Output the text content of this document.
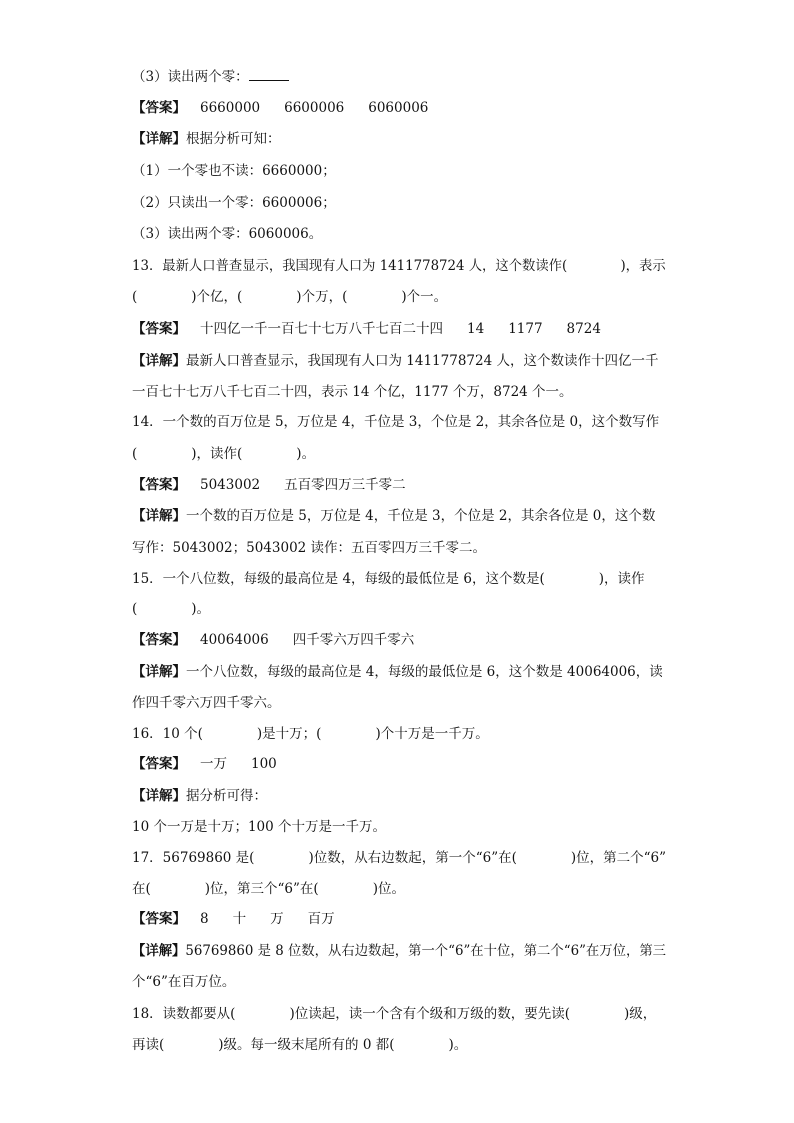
（3）读出两个零：
【答案】 6660000 6600006 6060006
【详解】根据分析可知：
（1）一个零也不读：6660000；
（2）只读出一个零：6600006；
（3）读出两个零：6060006。
13．最新人口普查显示，我国现有人口为 1411778724 人，这个数读作(　　　　)，表示
(　　　　)个亿，(　　　　)个万，(　　　　)个一。
【答案】 十四亿一千一百七十七万八千七百二十四 14 1177 8724
【详解】最新人口普查显示，我国现有人口为 1411778724 人，这个数读作十四亿一千
一百七十七万八千七百二十四，表示 14 个亿，1177 个万，8724 个一。
14．一个数的百万位是 5，万位是 4，千位是 3，个位是 2，其余各位是 0，这个数写作
(　　　　)，读作(　　　　)。
【答案】 5043002 五百零四万三千零二
【详解】一个数的百万位是 5，万位是 4，千位是 3，个位是 2，其余各位是 0，这个数
写作：5043002；5043002 读作：五百零四万三千零二。
15．一个八位数，每级的最高位是 4，每级的最低位是 6，这个数是(　　　　)，读作
(　　　　)。
【答案】 40064006 四千零六万四千零六
【详解】一个八位数，每级的最高位是 4，每级的最低位是 6，这个数是 40064006，读
作四千零六万四千零六。
16．10 个(　　　　)是十万；(　　　　)个十万是一千万。
【答案】 一万 100
【详解】据分析可得：
10 个一万是十万；100 个十万是一千万。
17．56769860 是(　　　　)位数，从右边数起，第一个“6”在(　　　　)位，第二个“6”
在(　　　　)位，第三个“6”在(　　　　)位。
【答案】 8 十 万 百万
【详解】56769860 是 8 位数，从右边数起，第一个“6”在十位，第二个“6”在万位，第三
个“6”在百万位。
18．读数都要从(　　　　)位读起，读一个含有个级和万级的数，要先读(　　　　)级，
再读(　　　　)级。每一级末尾所有的 0 都(　　　　)。
